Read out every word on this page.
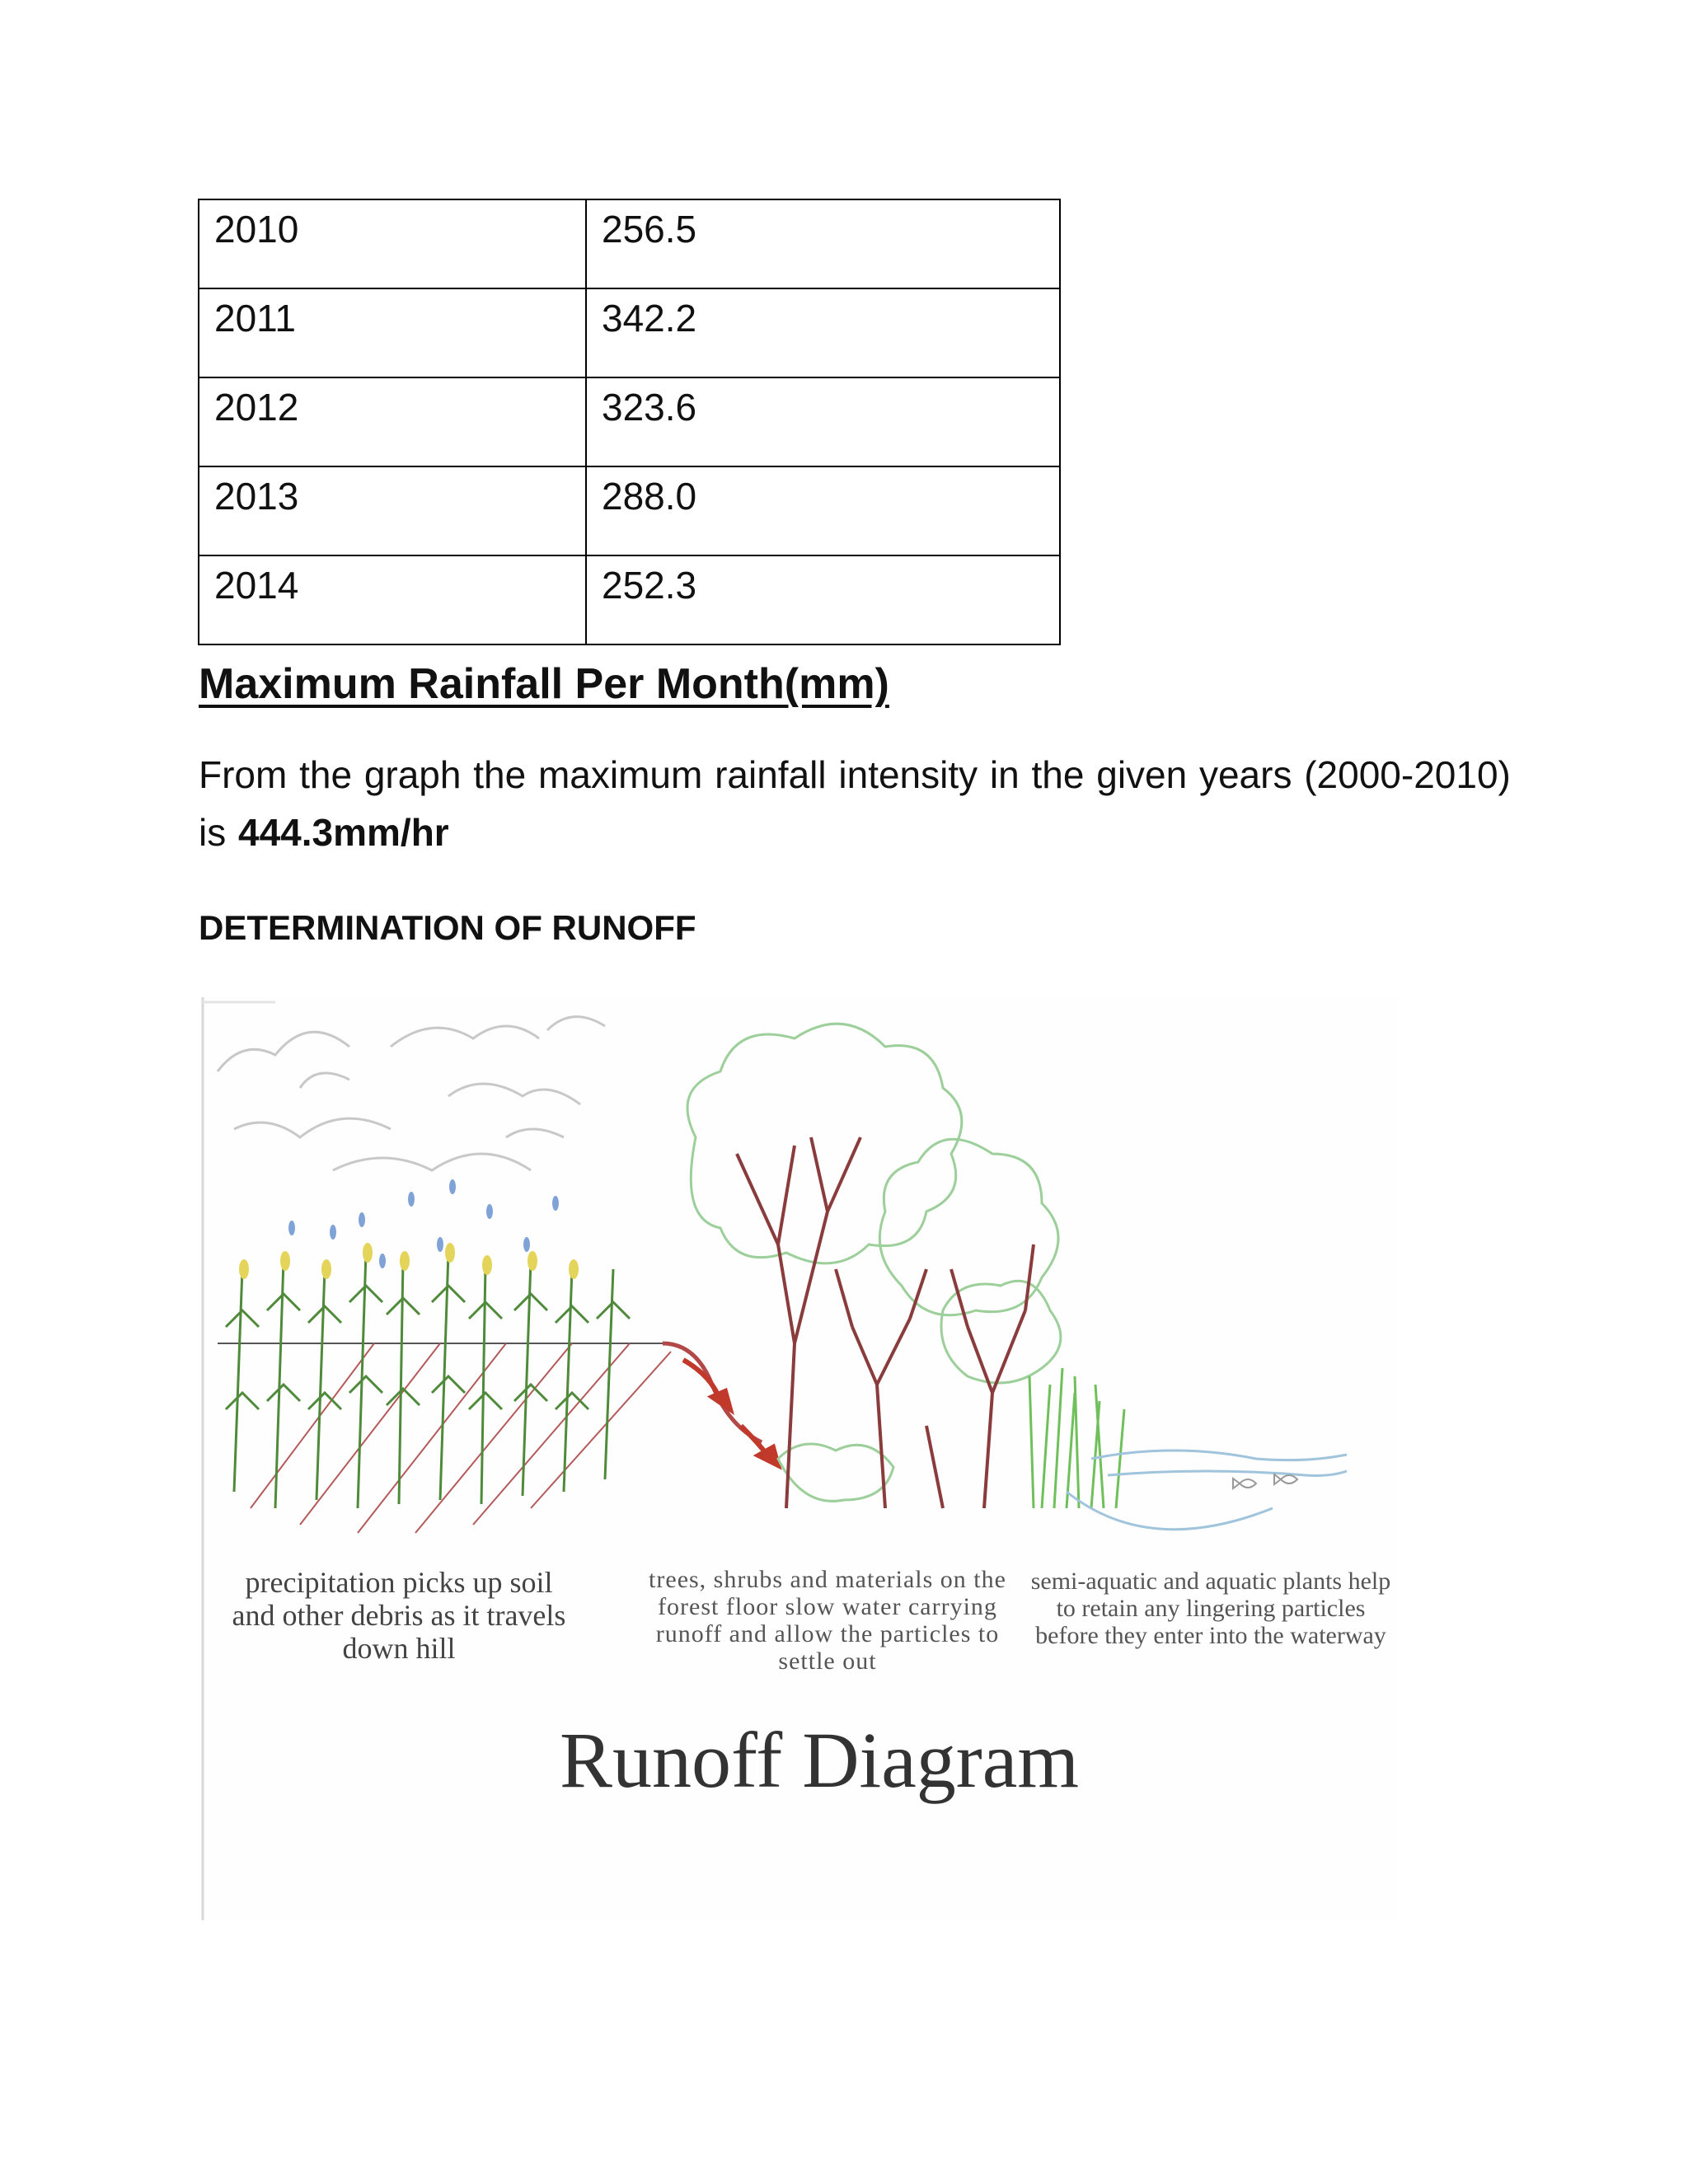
2010	256.5

2011	342.2

2012	323.6

2013	288.0

2014	252.3
Maximum Rainfall Per Month(mm)

From the graph the maximum rainfall intensity in the given years (2000-2010) is 444.3mm/hr

DETERMINATION OF RUNOFF
precipitation picks up soil and other debris as it travels down hill
trees, shrubs and materials on the forest floor slow water carrying runoff and allow the particles to settle out
semi-aquatic and aquatic plants help to retain any lingering particles before they enter into the waterway
Runoff Diagram
